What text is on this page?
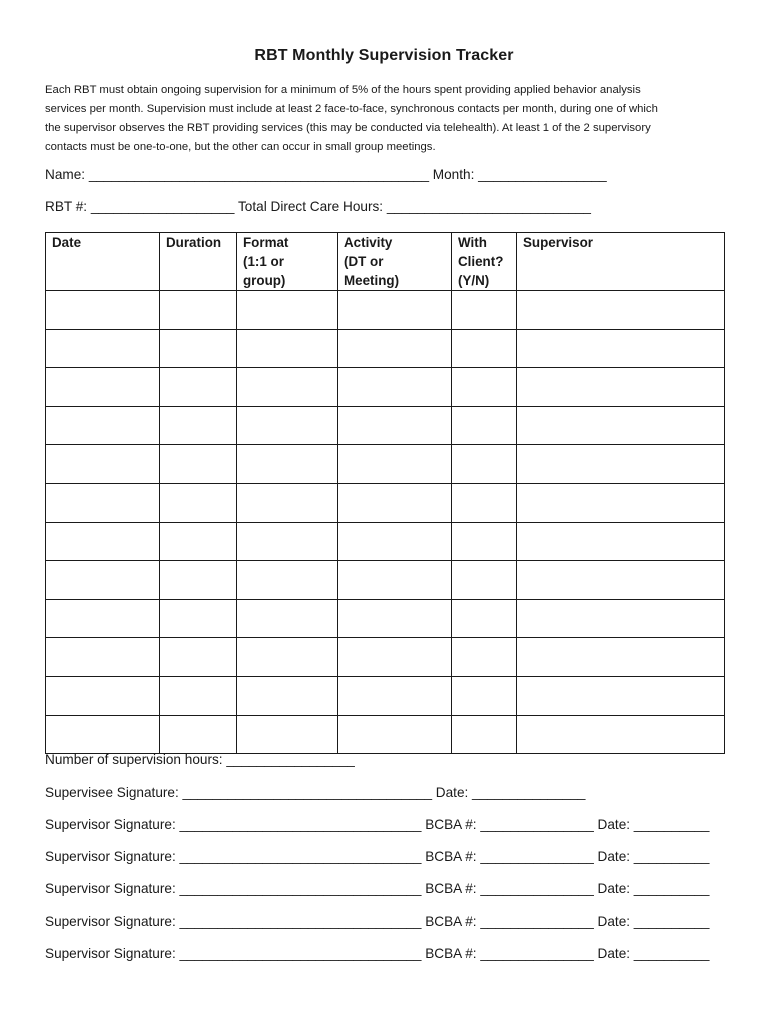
RBT Monthly Supervision Tracker

Each RBT must obtain ongoing supervision for a minimum of 5% of the hours spent providing applied behavior analysis

services per month. Supervision must include at least 2 face-to-face, synchronous contacts per month, during one of which

the supervisor observes the RBT providing services (this may be conducted via telehealth). At least 1 of the 2 supervisory

contacts must be one-to-one, but the other can occur in small group meetings.

Name: _____________________________________________ Month: _________________
RBT #: ___________________ Total Direct Care Hours: ___________________________
Date	Duration	Format
(1:1 or
group)	Activity
(DT or
Meeting)	With
Client?
(Y/N)	Supervisor

Number of supervision hours: _________________
Supervisee Signature: _________________________________ Date: _______________
Supervisor Signature: ________________________________ BCBA #: _______________ Date: __________
Supervisor Signature: ________________________________ BCBA #: _______________ Date: __________
Supervisor Signature: ________________________________ BCBA #: _______________ Date: __________
Supervisor Signature: ________________________________ BCBA #: _______________ Date: __________
Supervisor Signature: ________________________________ BCBA #: _______________ Date: __________
